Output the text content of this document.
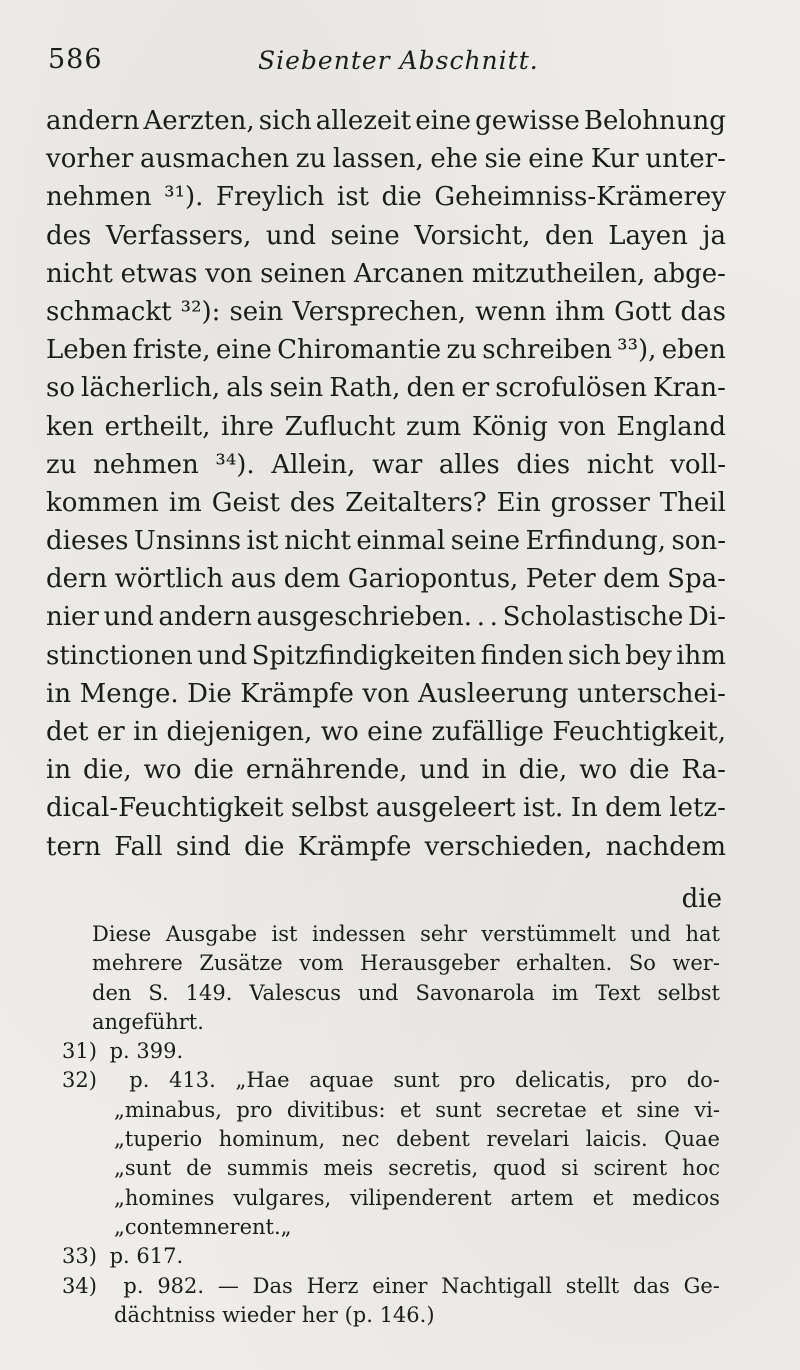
586	Siebenter Abschnitt.
andern Aerzten, sich allezeit eine gewisse Belohnung
vorher ausmachen zu lassen, ehe sie eine Kur unter-
nehmen ³¹). Freylich ist die Geheimniss-Krämerey
des Verfassers, und seine Vorsicht, den Layen ja
nicht etwas von seinen Arcanen mitzutheilen, abge-
schmackt ³²): sein Versprechen, wenn ihm Gott das
Leben friste, eine Chiromantie zu schreiben ³³), eben
so lächerlich, als sein Rath, den er scrofulösen Kran-
ken ertheilt, ihre Zuflucht zum König von England
zu nehmen ³⁴). Allein, war alles dies nicht voll-
kommen im Geist des Zeitalters? Ein grosser Theil
dieses Unsinns ist nicht einmal seine Erfindung, son-
dern wörtlich aus dem Gariopontus, Peter dem Spa-
nier und andern ausgeschrieben. . . Scholastische Di-
stinctionen und Spitzfindigkeiten finden sich bey ihm
in Menge. Die Krämpfe von Ausleerung unterschei-
det er in diejenigen, wo eine zufällige Feuchtigkeit,
in die, wo die ernährende, und in die, wo die Ra-
dical-Feuchtigkeit selbst ausgeleert ist. In dem letz-
tern Fall sind die Krämpfe verschieden, nachdem
die
Diese Ausgabe ist indessen sehr verstümmelt und hat
mehrere Zusätze vom Herausgeber erhalten. So wer-
den S. 149. Valescus und Savonarola im Text selbst
angeführt.
31) p. 399.
32) p. 413. „Hae aquae sunt pro delicatis, pro do-
„minabus, pro divitibus: et sunt secretae et sine vi-
„tuperio hominum, nec debent revelari laicis. Quae
„sunt de summis meis secretis, quod si scirent hoc
„homines vulgares, vilipenderent artem et medicos
„contemnerent.„
33) p. 617.
34) p. 982. — Das Herz einer Nachtigall stellt das Ge-
dächtniss wieder her (p. 146.)
